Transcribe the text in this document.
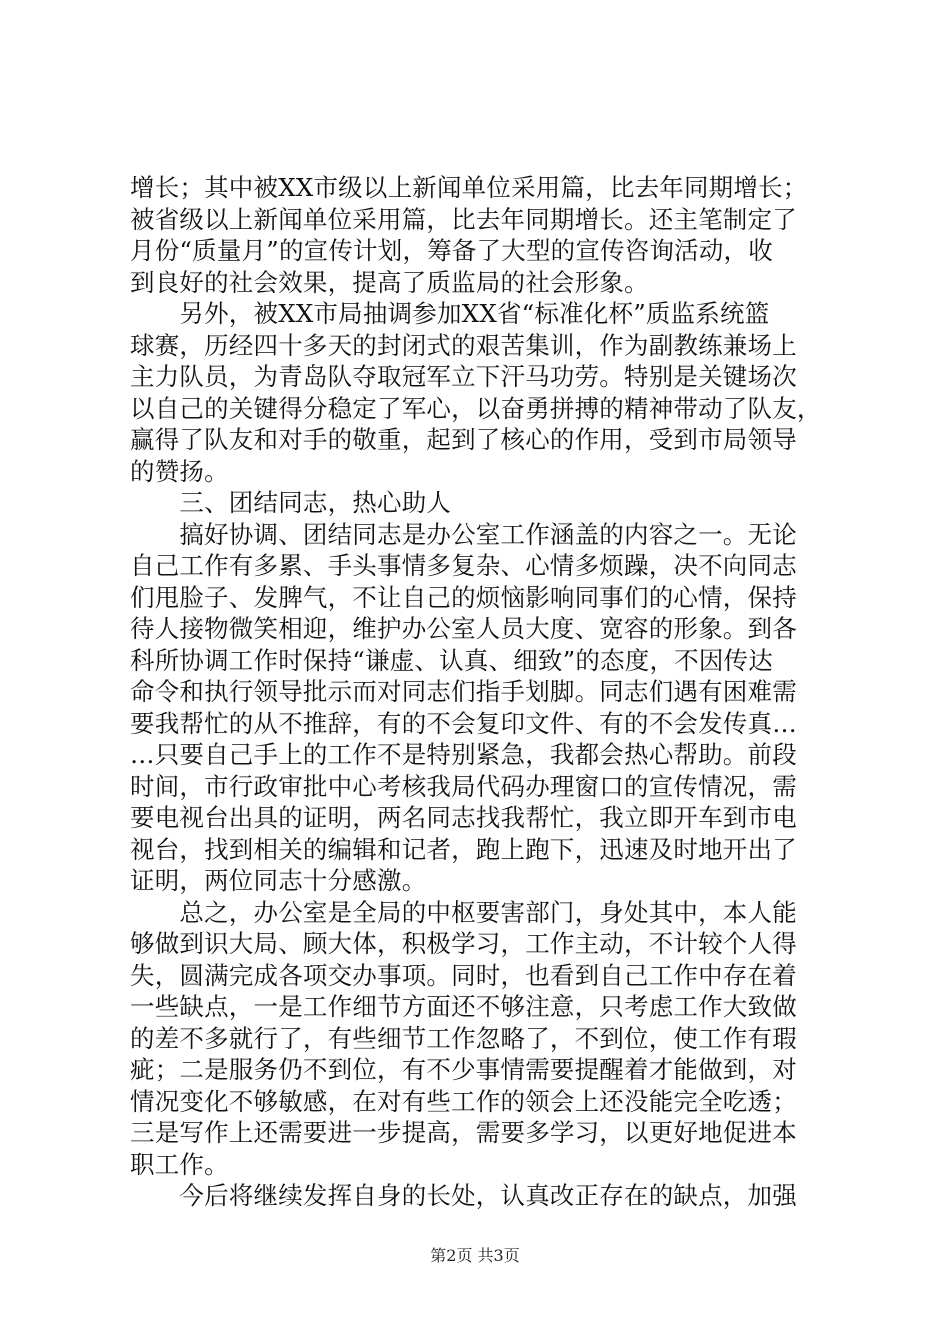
增长；其中被XX市级以上新闻单位采用篇，比去年同期增长；
被省级以上新闻单位采用篇，比去年同期增长。还主笔制定了
月份“质量月”的宣传计划，筹备了大型的宣传咨询活动，收
到良好的社会效果，提高了质监局的社会形象。
　　另外，被XX市局抽调参加XX省“标准化杯”质监系统篮
球赛，历经四十多天的封闭式的艰苦集训，作为副教练兼场上
主力队员，为青岛队夺取冠军立下汗马功劳。特别是关键场次
以自己的关键得分稳定了军心，以奋勇拼搏的精神带动了队友，
赢得了队友和对手的敬重，起到了核心的作用，受到市局领导
的赞扬。
　　三、团结同志，热心助人
　　搞好协调、团结同志是办公室工作涵盖的内容之一。无论
自己工作有多累、手头事情多复杂、心情多烦躁，决不向同志
们甩脸子、发脾气，不让自己的烦恼影响同事们的心情，保持
待人接物微笑相迎，维护办公室人员大度、宽容的形象。到各
科所协调工作时保持“谦虚、认真、细致”的态度，不因传达
命令和执行领导批示而对同志们指手划脚。同志们遇有困难需
要我帮忙的从不推辞，有的不会复印文件、有的不会发传真…
…只要自己手上的工作不是特别紧急，我都会热心帮助。前段
时间，市行政审批中心考核我局代码办理窗口的宣传情况，需
要电视台出具的证明，两名同志找我帮忙，我立即开车到市电
视台，找到相关的编辑和记者，跑上跑下，迅速及时地开出了
证明，两位同志十分感激。
　　总之，办公室是全局的中枢要害部门，身处其中，本人能
够做到识大局、顾大体，积极学习，工作主动，不计较个人得
失，圆满完成各项交办事项。同时，也看到自己工作中存在着
一些缺点，一是工作细节方面还不够注意，只考虑工作大致做
的差不多就行了，有些细节工作忽略了，不到位，使工作有瑕
疵；二是服务仍不到位，有不少事情需要提醒着才能做到，对
情况变化不够敏感，在对有些工作的领会上还没能完全吃透；
三是写作上还需要进一步提高，需要多学习，以更好地促进本
职工作。
　　今后将继续发挥自身的长处，认真改正存在的缺点，加强
第2页 共3页
